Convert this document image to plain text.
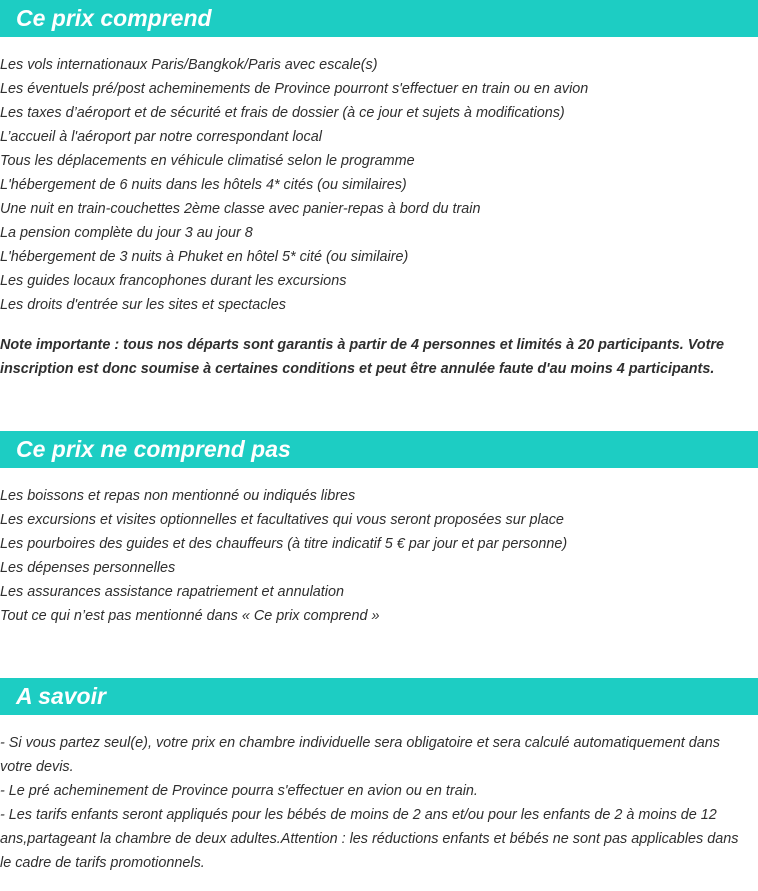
Ce prix comprend
Les vols internationaux Paris/Bangkok/Paris avec escale(s)
Les éventuels pré/post acheminements de Province pourront s'effectuer en train ou en avion
Les taxes d’aéroport et de sécurité et frais de dossier (à ce jour et sujets à modifications)
L’accueil à l'aéroport par notre correspondant local
Tous les déplacements en véhicule climatisé selon le programme
L'hébergement de 6 nuits dans les hôtels 4* cités (ou similaires)
Une nuit en train-couchettes 2ème classe avec panier-repas à bord du train
La pension complète du jour 3 au jour 8
L'hébergement de 3 nuits à Phuket en hôtel 5* cité (ou similaire)
Les guides locaux francophones durant les excursions
Les droits d'entrée sur les sites et spectacles

Note importante : tous nos départs sont garantis à partir de 4 personnes et limités à 20 participants. Votre inscription est donc soumise à certaines conditions et peut être annulée faute d'au moins 4 participants.

Ce prix ne comprend pas
Les boissons et repas non mentionné ou indiqués libres
Les excursions et visites optionnelles et facultatives qui vous seront proposées sur place
Les pourboires des guides et des chauffeurs (à titre indicatif 5 € par jour et par personne)
Les dépenses personnelles
Les assurances assistance rapatriement et annulation
Tout ce qui n’est pas mentionné dans « Ce prix comprend »
A savoir

- Si vous partez seul(e), votre prix en chambre individuelle sera obligatoire et sera calculé automatiquement dans votre devis.

- Le pré acheminement de Province pourra s'effectuer en avion ou en train.

- Les tarifs enfants seront appliqués pour les bébés de moins de 2 ans et/ou pour les enfants de 2 à moins de 12 ans,partageant la chambre de deux adultes.Attention : les réductions enfants et bébés ne sont pas applicables dans le cadre de tarifs promotionnels.
